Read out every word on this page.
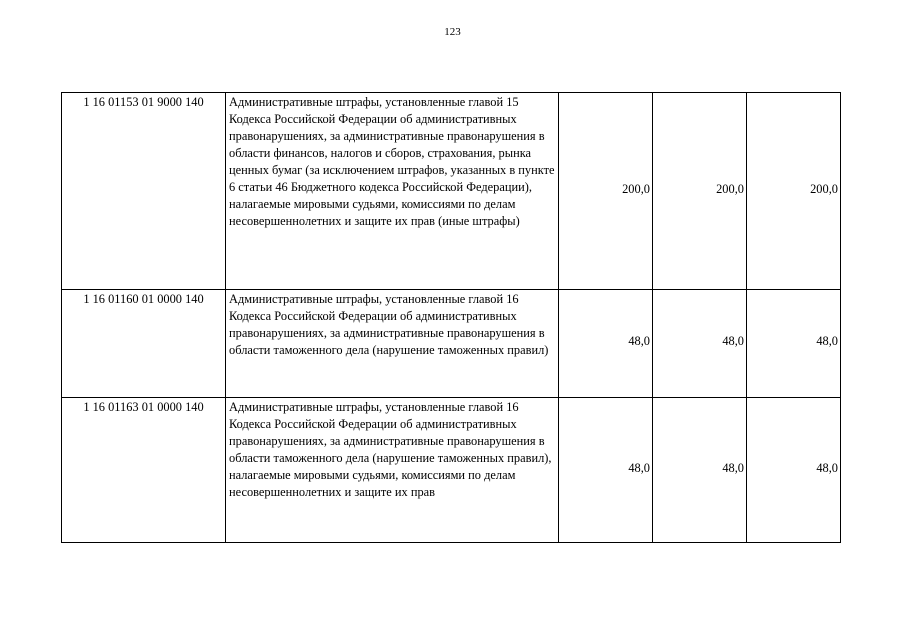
123
1 16 01153 01 9000 140	Административные штрафы, установленные главой 15 Кодекса Российской Федерации об административных правонарушениях, за административные правонарушения в области финансов, налогов и сборов, страхования, рынка ценных бумаг (за исключением штрафов, указанных в пункте 6 статьи 46 Бюджетного кодекса Российской Федерации), налагаемые мировыми судьями, комиссиями по делам несовершеннолетних и защите их прав (иные штрафы)	200,0	200,0	200,0

1 16 01160 01 0000 140	Административные штрафы, установленные главой 16 Кодекса Российской Федерации об административных правонарушениях, за административные правонарушения в области таможенного дела (нарушение таможенных правил)	48,0	48,0	48,0

1 16 01163 01 0000 140	Административные штрафы, установленные главой 16 Кодекса Российской Федерации об административных правонарушениях, за административные правонарушения в области таможенного дела (нарушение таможенных правил), налагаемые мировыми судьями, комиссиями по делам несовершеннолетних и защите их прав	48,0	48,0	48,0
